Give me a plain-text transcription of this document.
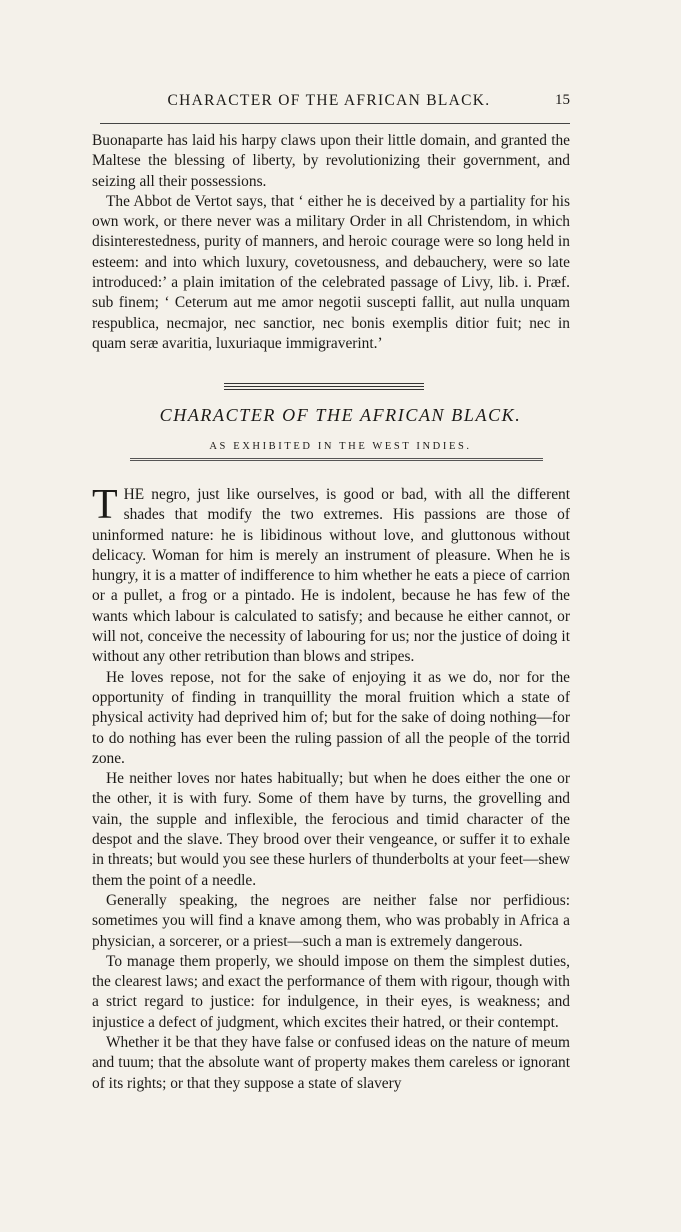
CHARACTER OF THE AFRICAN BLACK.	15

Buonaparte has laid his harpy claws upon their little domain, and granted the Maltese the blessing of liberty, by revolutionizing their government, and seizing all their possessions.

The Abbot de Vertot says, that ‘ either he is deceived by a partiality for his own work, or there never was a military Order in all Christendom, in which disinterestedness, purity of manners, and heroic courage were so long held in esteem: and into which luxury, covetousness, and debauchery, were so late introduced:’ a plain imitation of the celebrated passage of Livy, lib. i. Præf. sub finem; ‘ Ceterum aut me amor negotii suscepti fallit, aut nulla unquam respublica, necmajor, nec sanctior, nec bonis exemplis ditior fuit; nec in quam seræ avaritia, luxuriaque immigraverint.’

CHARACTER OF THE AFRICAN BLACK.
AS EXHIBITED IN THE WEST INDIES.

THE negro, just like ourselves, is good or bad, with all the different shades that modify the two extremes. His passions are those of uninformed nature: he is libidinous without love, and gluttonous without delicacy. Woman for him is merely an instrument of pleasure. When he is hungry, it is a matter of indifference to him whether he eats a piece of carrion or a pullet, a frog or a pintado. He is indolent, because he has few of the wants which labour is calculated to satisfy; and because he either cannot, or will not, conceive the necessity of labouring for us; nor the justice of doing it without any other retribution than blows and stripes.

He loves repose, not for the sake of enjoying it as we do, nor for the opportunity of finding in tranquillity the moral fruition which a state of physical activity had deprived him of; but for the sake of doing nothing—for to do nothing has ever been the ruling passion of all the people of the torrid zone.

He neither loves nor hates habitually; but when he does either the one or the other, it is with fury. Some of them have by turns, the grovelling and vain, the supple and inflexible, the ferocious and timid character of the despot and the slave. They brood over their vengeance, or suffer it to exhale in threats; but would you see these hurlers of thunderbolts at your feet—shew them the point of a needle.

Generally speaking, the negroes are neither false nor perfidious: sometimes you will find a knave among them, who was probably in Africa a physician, a sorcerer, or a priest—such a man is extremely dangerous.

To manage them properly, we should impose on them the simplest duties, the clearest laws; and exact the performance of them with rigour, though with a strict regard to justice: for indulgence, in their eyes, is weakness; and injustice a defect of judgment, which excites their hatred, or their contempt.

Whether it be that they have false or confused ideas on the nature of meum and tuum; that the absolute want of property makes them careless or ignorant of its rights; or that they suppose a state of slavery
